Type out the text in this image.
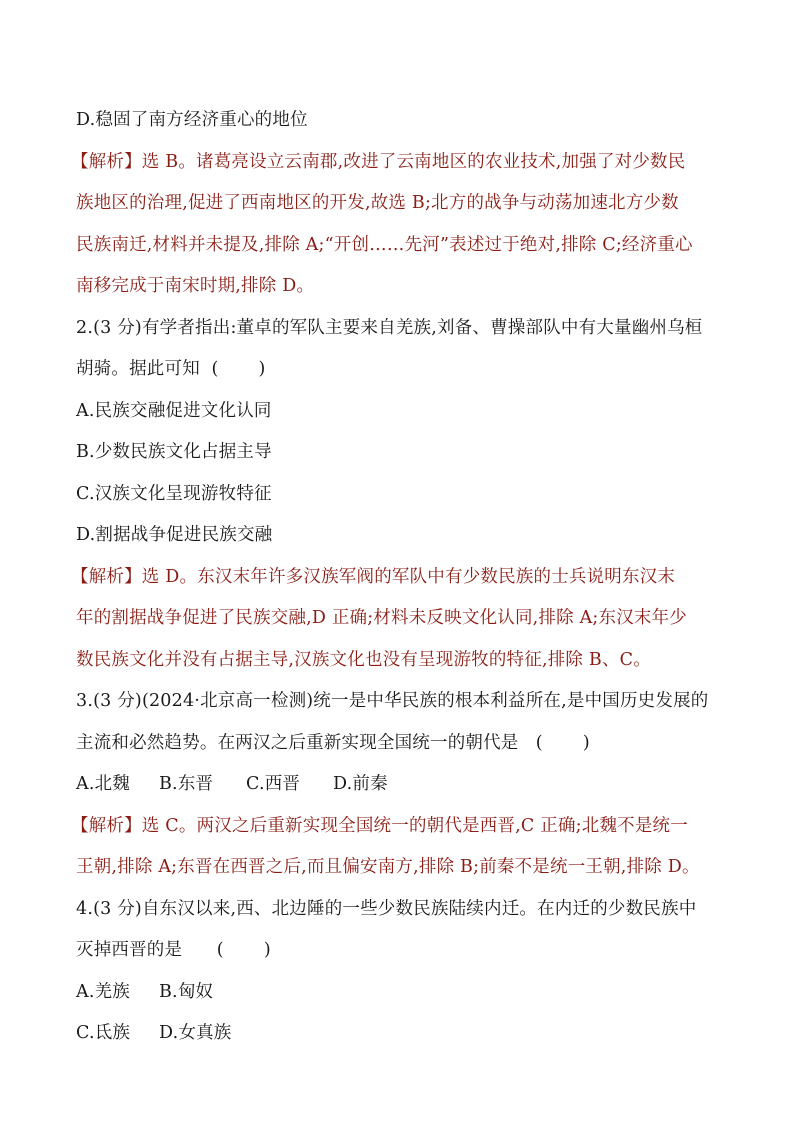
D.稳固了南方经济重心的地位
【解析】选 B。诸葛亮设立云南郡,改进了云南地区的农业技术,加强了对少数民
族地区的治理,促进了西南地区的开发,故选 B;北方的战争与动荡加速北方少数
民族南迁,材料并未提及,排除 A;“开创……先河”表述过于绝对,排除 C;经济重心
南移完成于南宋时期,排除 D。
2.(3 分)有学者指出:董卓的军队主要来自羌族,刘备、曹操部队中有大量幽州乌桓
胡骑。据此可知 ( )
A.民族交融促进文化认同
B.少数民族文化占据主导
C.汉族文化呈现游牧特征
D.割据战争促进民族交融
【解析】选 D。东汉末年许多汉族军阀的军队中有少数民族的士兵说明东汉末
年的割据战争促进了民族交融,D 正确;材料未反映文化认同,排除 A;东汉末年少
数民族文化并没有占据主导,汉族文化也没有呈现游牧的特征,排除 B、C。
3.(3 分)(2024·北京高一检测)统一是中华民族的根本利益所在,是中国历史发展的
主流和必然趋势。在两汉之后重新实现全国统一的朝代是 ( )
A.北魏 B.东晋 C.西晋 D.前秦
【解析】选 C。两汉之后重新实现全国统一的朝代是西晋,C 正确;北魏不是统一
王朝,排除 A;东晋在西晋之后,而且偏安南方,排除 B;前秦不是统一王朝,排除 D。
4.(3 分)自东汉以来,西、北边陲的一些少数民族陆续内迁。在内迁的少数民族中
灭掉西晋的是 ( )
A.羌族 B.匈奴
C.氐族 D.女真族
